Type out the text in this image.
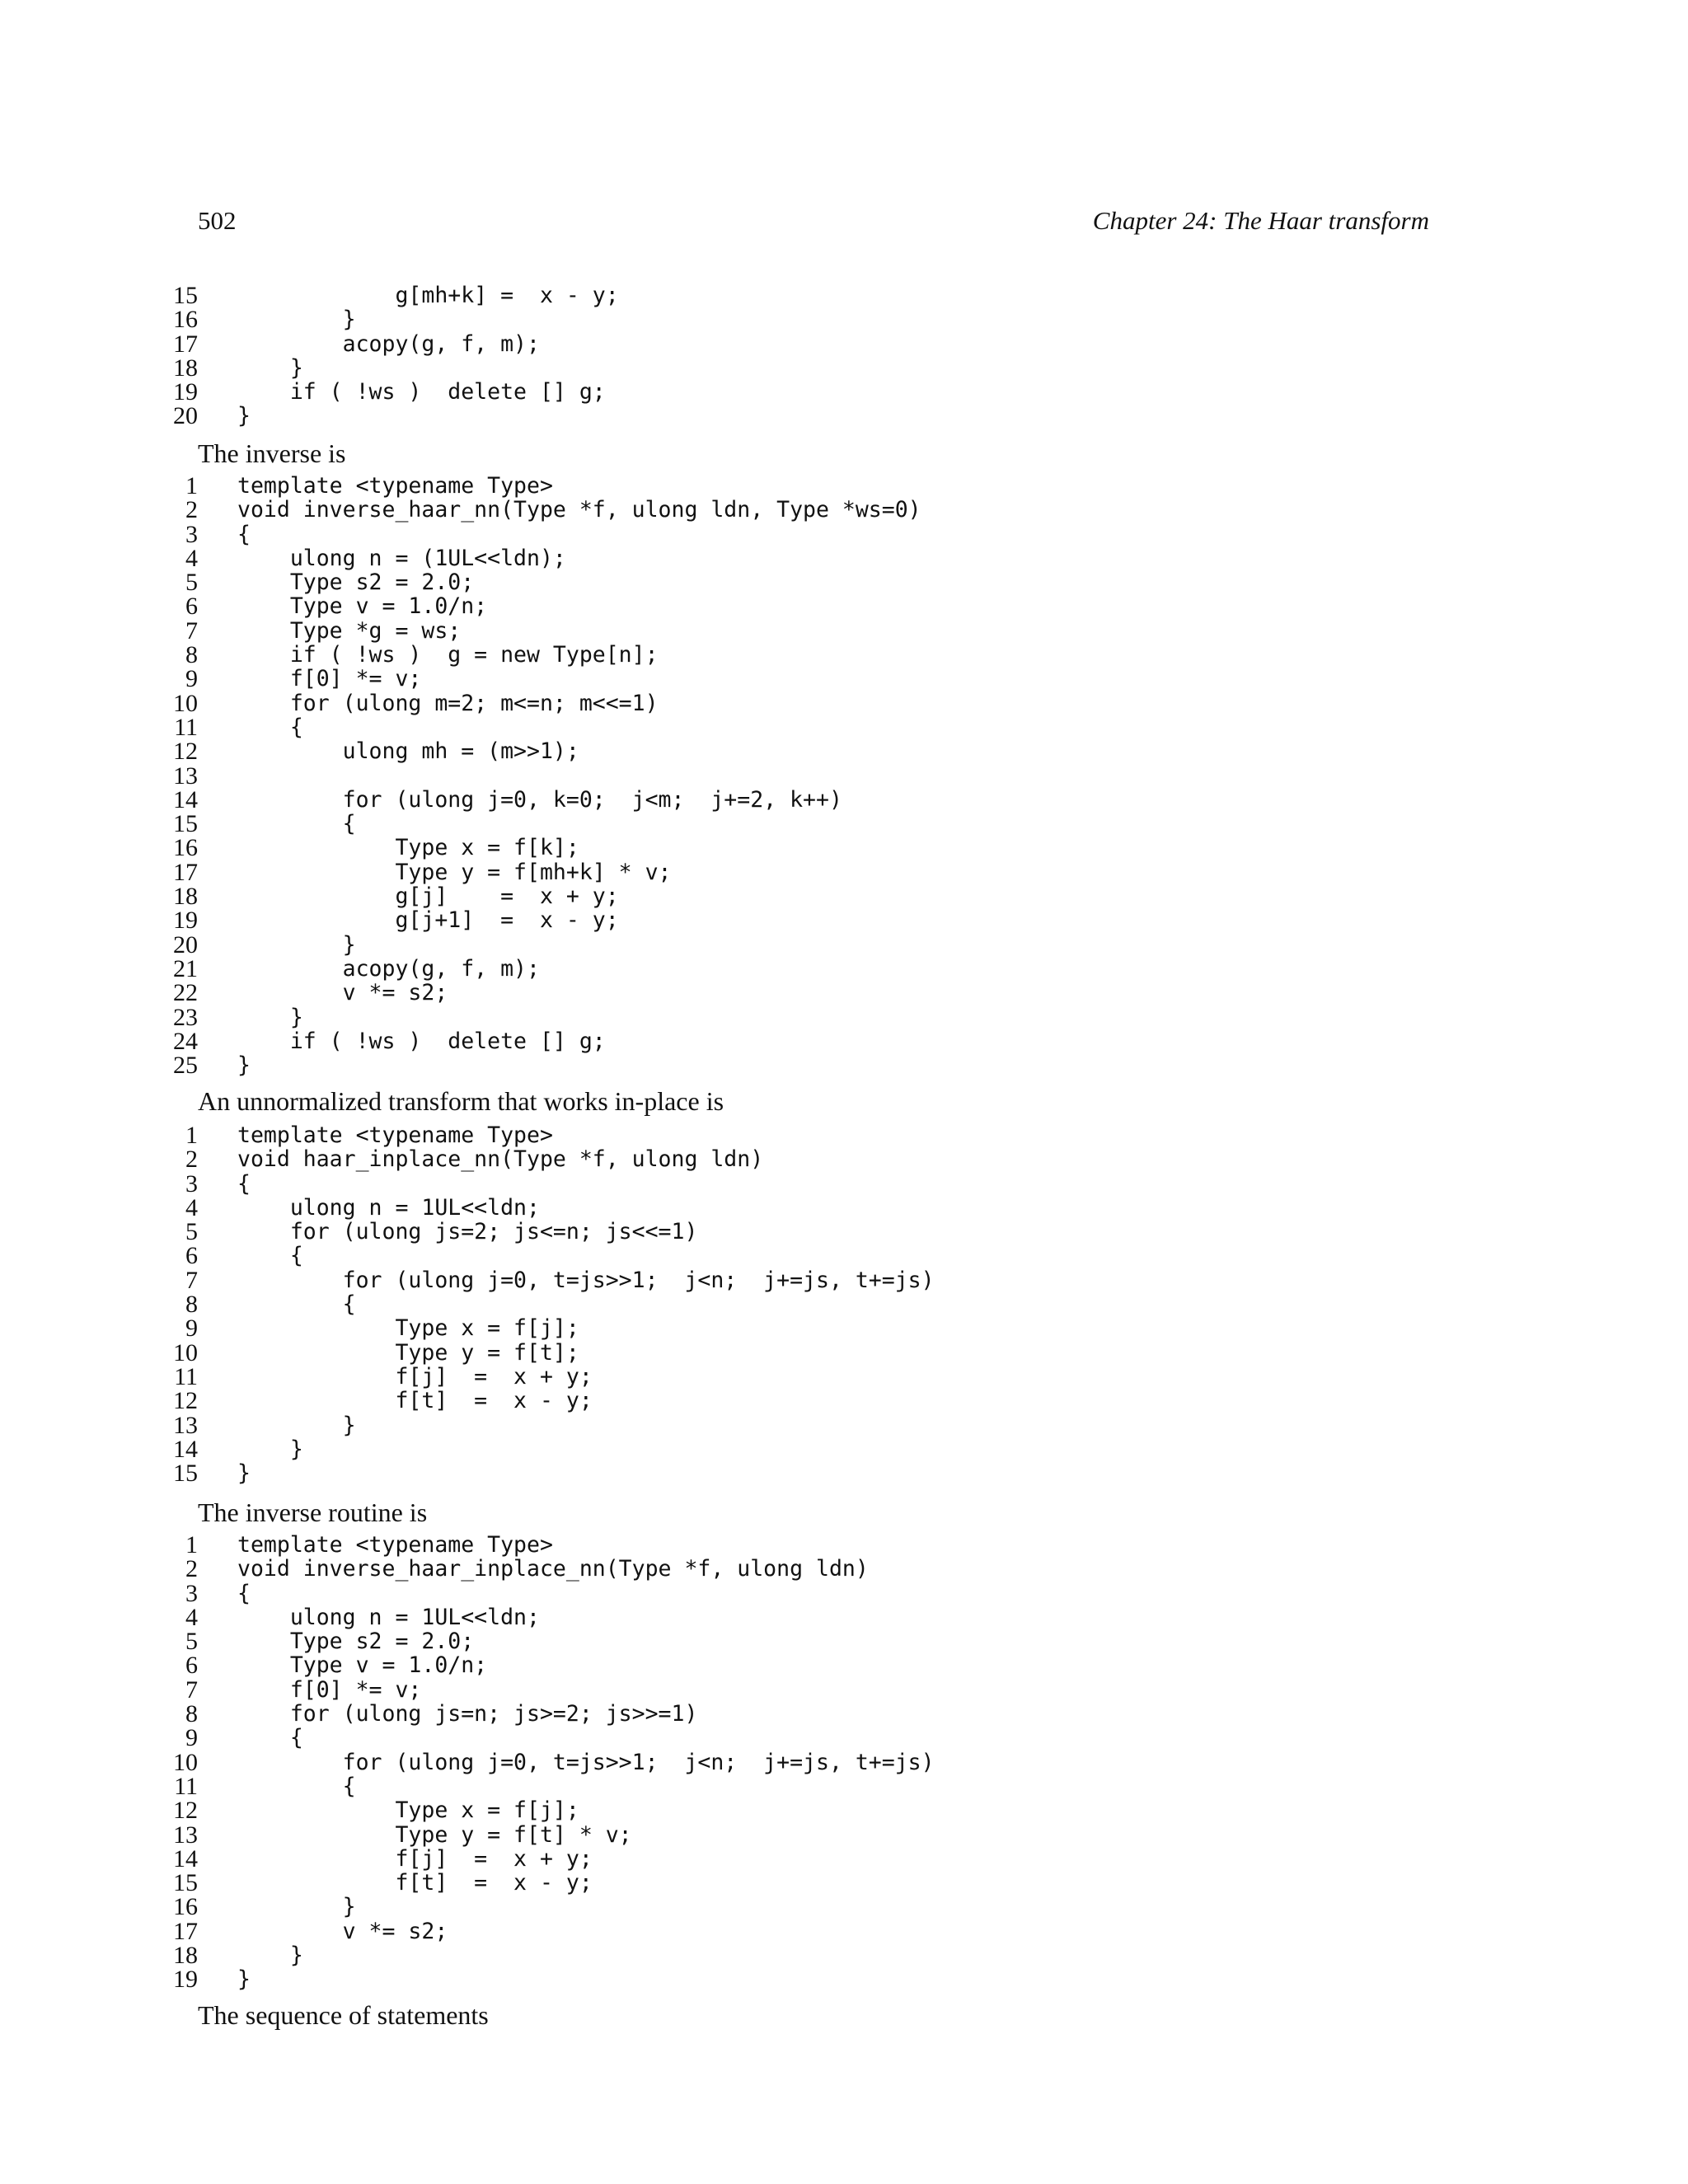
502	Chapter 24: The Haar transform
15 g[mh+k] =  x - y;
16 }
17 acopy(g, f, m);
18 }
19 if ( !ws )  delete [] g;
20 }

The inverse is

1 template <typename Type>
2 void inverse_haar_nn(Type *f, ulong ldn, Type *ws=0)
3 {
4 ulong n = (1UL<<ldn);
5 Type s2 = 2.0;
6 Type v = 1.0/n;
7 Type *g = ws;
8 if ( !ws )  g = new Type[n];
9 f[0] *= v;
10 for (ulong m=2; m<=n; m<<=1)
11 {
12 ulong mh = (m>>1);
13
14 for (ulong j=0, k=0;  j<m;  j+=2, k++)
15 {
16 Type x = f[k];
17 Type y = f[mh+k] * v;
18 g[j]    =  x + y;
19 g[j+1]  =  x - y;
20 }
21 acopy(g, f, m);
22 v *= s2;
23 }
24 if ( !ws )  delete [] g;
25 }

An unnormalized transform that works in-place is

1 template <typename Type>
2 void haar_inplace_nn(Type *f, ulong ldn)
3 {
4 ulong n = 1UL<<ldn;
5 for (ulong js=2; js<=n; js<<=1)
6 {
7 for (ulong j=0, t=js>>1;  j<n;  j+=js, t+=js)
8 {
9 Type x = f[j];
10 Type y = f[t];
11 f[j]  =  x + y;
12 f[t]  =  x - y;
13 }
14 }
15 }

The inverse routine is

1 template <typename Type>
2 void inverse_haar_inplace_nn(Type *f, ulong ldn)
3 {
4 ulong n = 1UL<<ldn;
5 Type s2 = 2.0;
6 Type v = 1.0/n;
7 f[0] *= v;
8 for (ulong js=n; js>=2; js>>=1)
9 {
10 for (ulong j=0, t=js>>1;  j<n;  j+=js, t+=js)
11 {
12 Type x = f[j];
13 Type y = f[t] * v;
14 f[j]  =  x + y;
15 f[t]  =  x - y;
16 }
17 v *= s2;
18 }
19 }

The sequence of statements
